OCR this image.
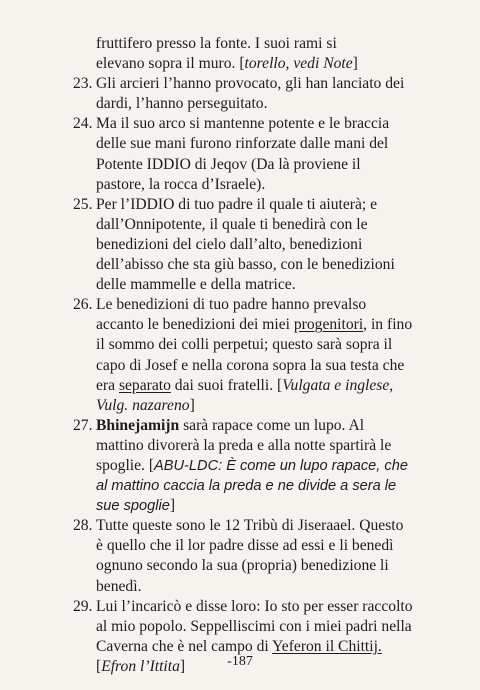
fruttifero presso la fonte. I suoi rami si
elevano sopra il muro. [torello, vedi Note]

23. Gli arcieri l’hanno provocato, gli han lanciato dei dardi, l’hanno perseguitato.

24. Ma il suo arco si mantenne potente e le braccia delle sue mani furono rinforzate dalle mani del Potente IDDIO di Jeqov (Da là proviene il pastore, la rocca d’Israele).

25. Per l’IDDIO di tuo padre il quale ti aiuterà; e dall’Onnipotente, il quale ti benedirà con le benedizioni del cielo dall’alto, benedizioni dell’abisso che sta giù basso, con le benedizioni delle mammelle e della matrice.

26. Le benedizioni di tuo padre hanno prevalso accanto le benedizioni dei miei progenitori, in fino il sommo dei colli perpetui; questo sarà sopra il capo di Josef e nella corona sopra la sua testa che era separato dai suoi fratelli. [Vulgata e inglese, Vulg. nazareno]

27. Bhinejamijn sarà rapace come un lupo. Al mattino divorerà la preda e alla notte spartirà le spoglie. [ABU-LDC: È come un lupo rapace, che al mattino caccia la preda e ne divide a sera le sue spoglie]

28. Tutte queste sono le 12 Tribù di Jiseraael. Questo è quello che il lor padre disse ad essi e li benedì ognuno secondo la sua (propria) benedizione li benedì.

29. Lui l’incaricò e disse loro: Io sto per esser raccolto al mio popolo. Seppelliscimi con i miei padri nella Caverna che è nel campo di Yeferon il Chittij. [Efron l’Ittita]	-187
